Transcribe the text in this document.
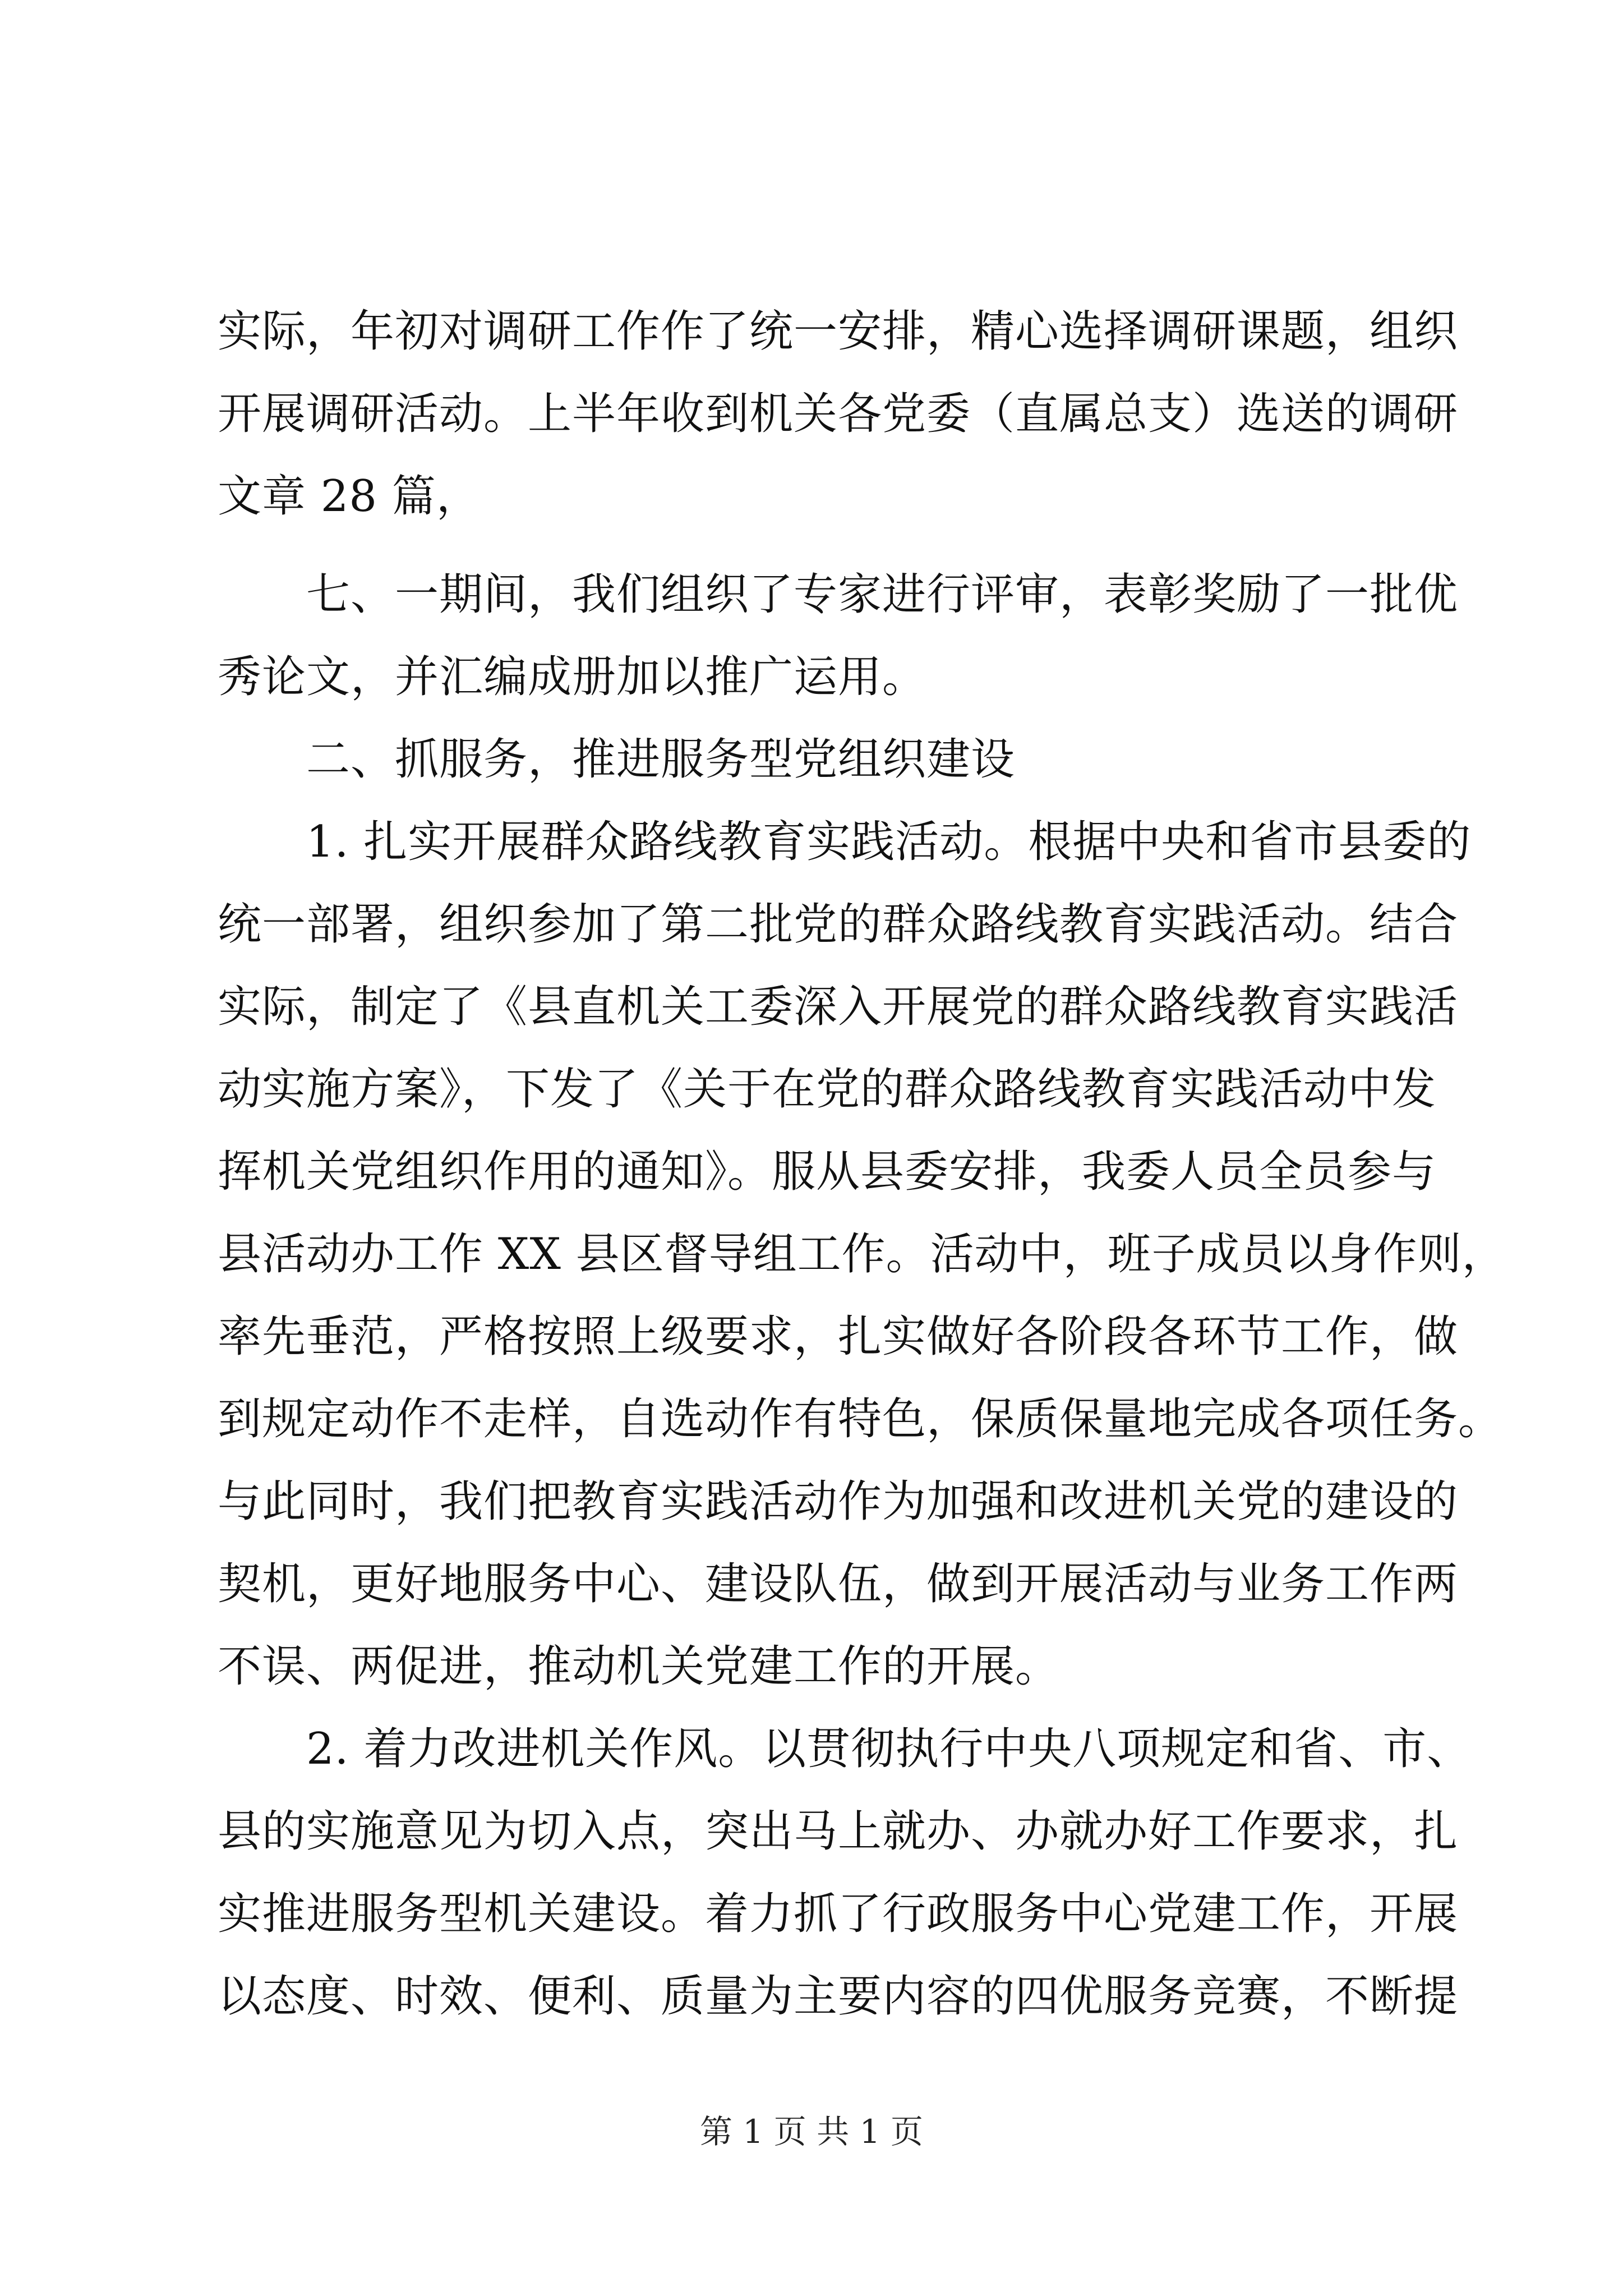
实际，年初对调研工作作了统一安排，精心选择调研课题，组织
开展调研活动。上半年收到机关各党委（直属总支）选送的调研
文章 28 篇，
七、一期间，我们组织了专家进行评审，表彰奖励了一批优
秀论文，并汇编成册加以推广运用。
二、抓服务，推进服务型党组织建设
1. 扎实开展群众路线教育实践活动。根据中央和省市县委的
统一部署，组织参加了第二批党的群众路线教育实践活动。结合
实际，制定了《县直机关工委深入开展党的群众路线教育实践活
动实施方案》，下发了《关于在党的群众路线教育实践活动中发
挥机关党组织作用的通知》。服从县委安排，我委人员全员参与
县活动办工作 XX 县区督导组工作。活动中，班子成员以身作则，
率先垂范，严格按照上级要求，扎实做好各阶段各环节工作，做
到规定动作不走样，自选动作有特色，保质保量地完成各项任务。
与此同时，我们把教育实践活动作为加强和改进机关党的建设的
契机，更好地服务中心、建设队伍，做到开展活动与业务工作两
不误、两促进，推动机关党建工作的开展。
2. 着力改进机关作风。以贯彻执行中央八项规定和省、市、
县的实施意见为切入点，突出马上就办、办就办好工作要求，扎
实推进服务型机关建设。着力抓了行政服务中心党建工作，开展
以态度、时效、便利、质量为主要内容的四优服务竞赛，不断提
第 1 页 共 1 页
